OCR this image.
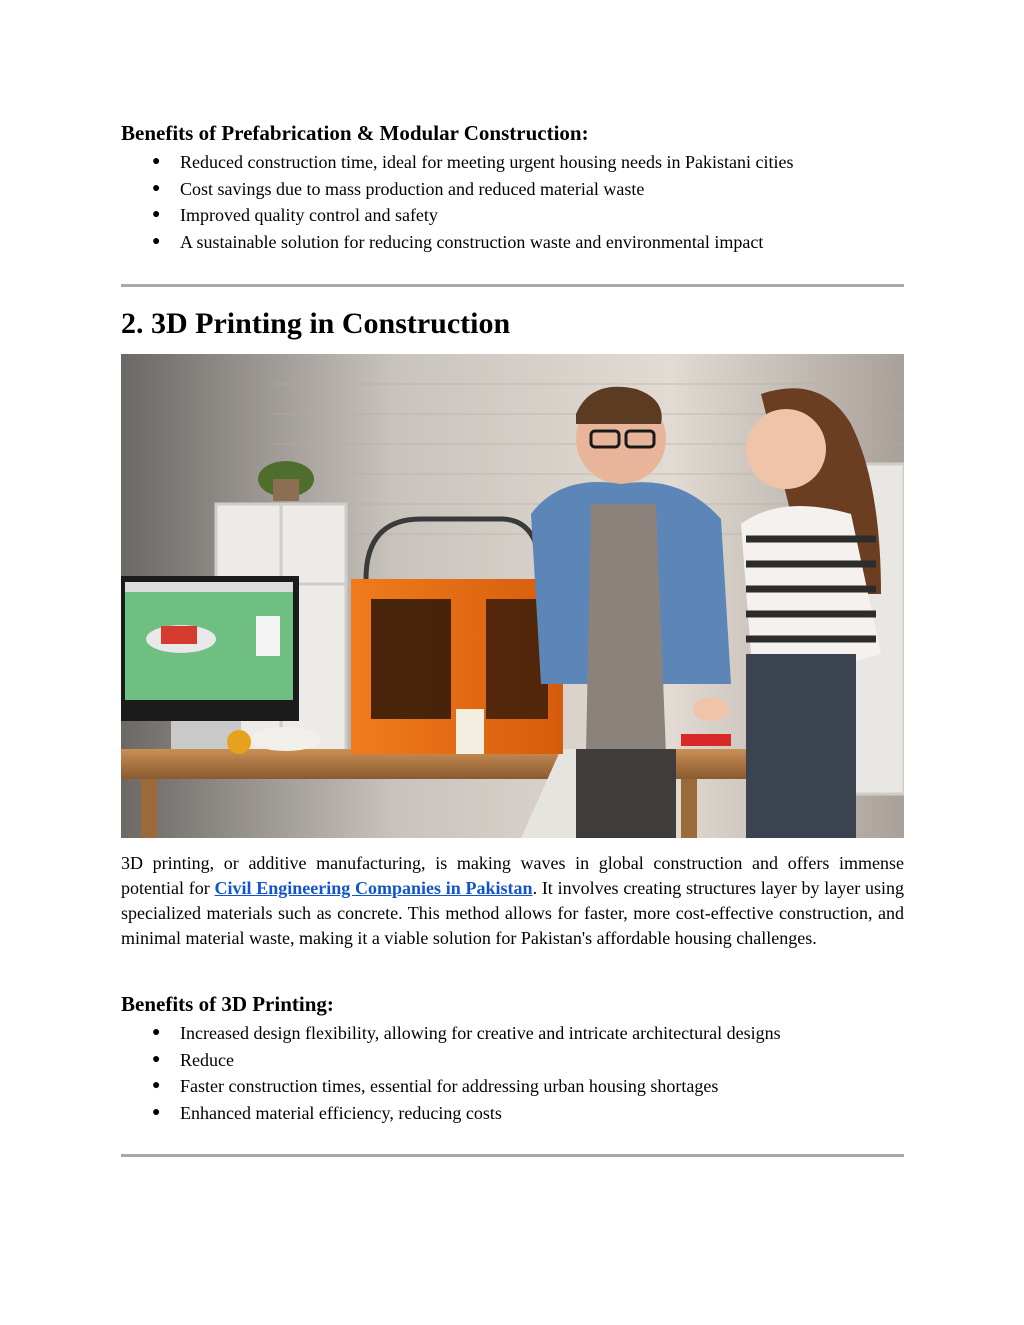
Benefits of Prefabrication & Modular Construction:
● Reduced construction time, ideal for meeting urgent housing needs in Pakistani cities
● Cost savings due to mass production and reduced material waste
● Improved quality control and safety
● A sustainable solution for reducing construction waste and environmental impact
2. 3D Printing in Construction

3D printing, or additive manufacturing, is making waves in global construction and offers immense potential for Civil Engineering Companies in Pakistan. It involves creating structures layer by layer using specialized materials such as concrete. This method allows for faster, more cost-effective construction, and minimal material waste, making it a viable solution for Pakistan's affordable housing challenges.

Benefits of 3D Printing:
● Increased design flexibility, allowing for creative and intricate architectural designs
● Reduce
● Faster construction times, essential for addressing urban housing shortages
● Enhanced material efficiency, reducing costs
